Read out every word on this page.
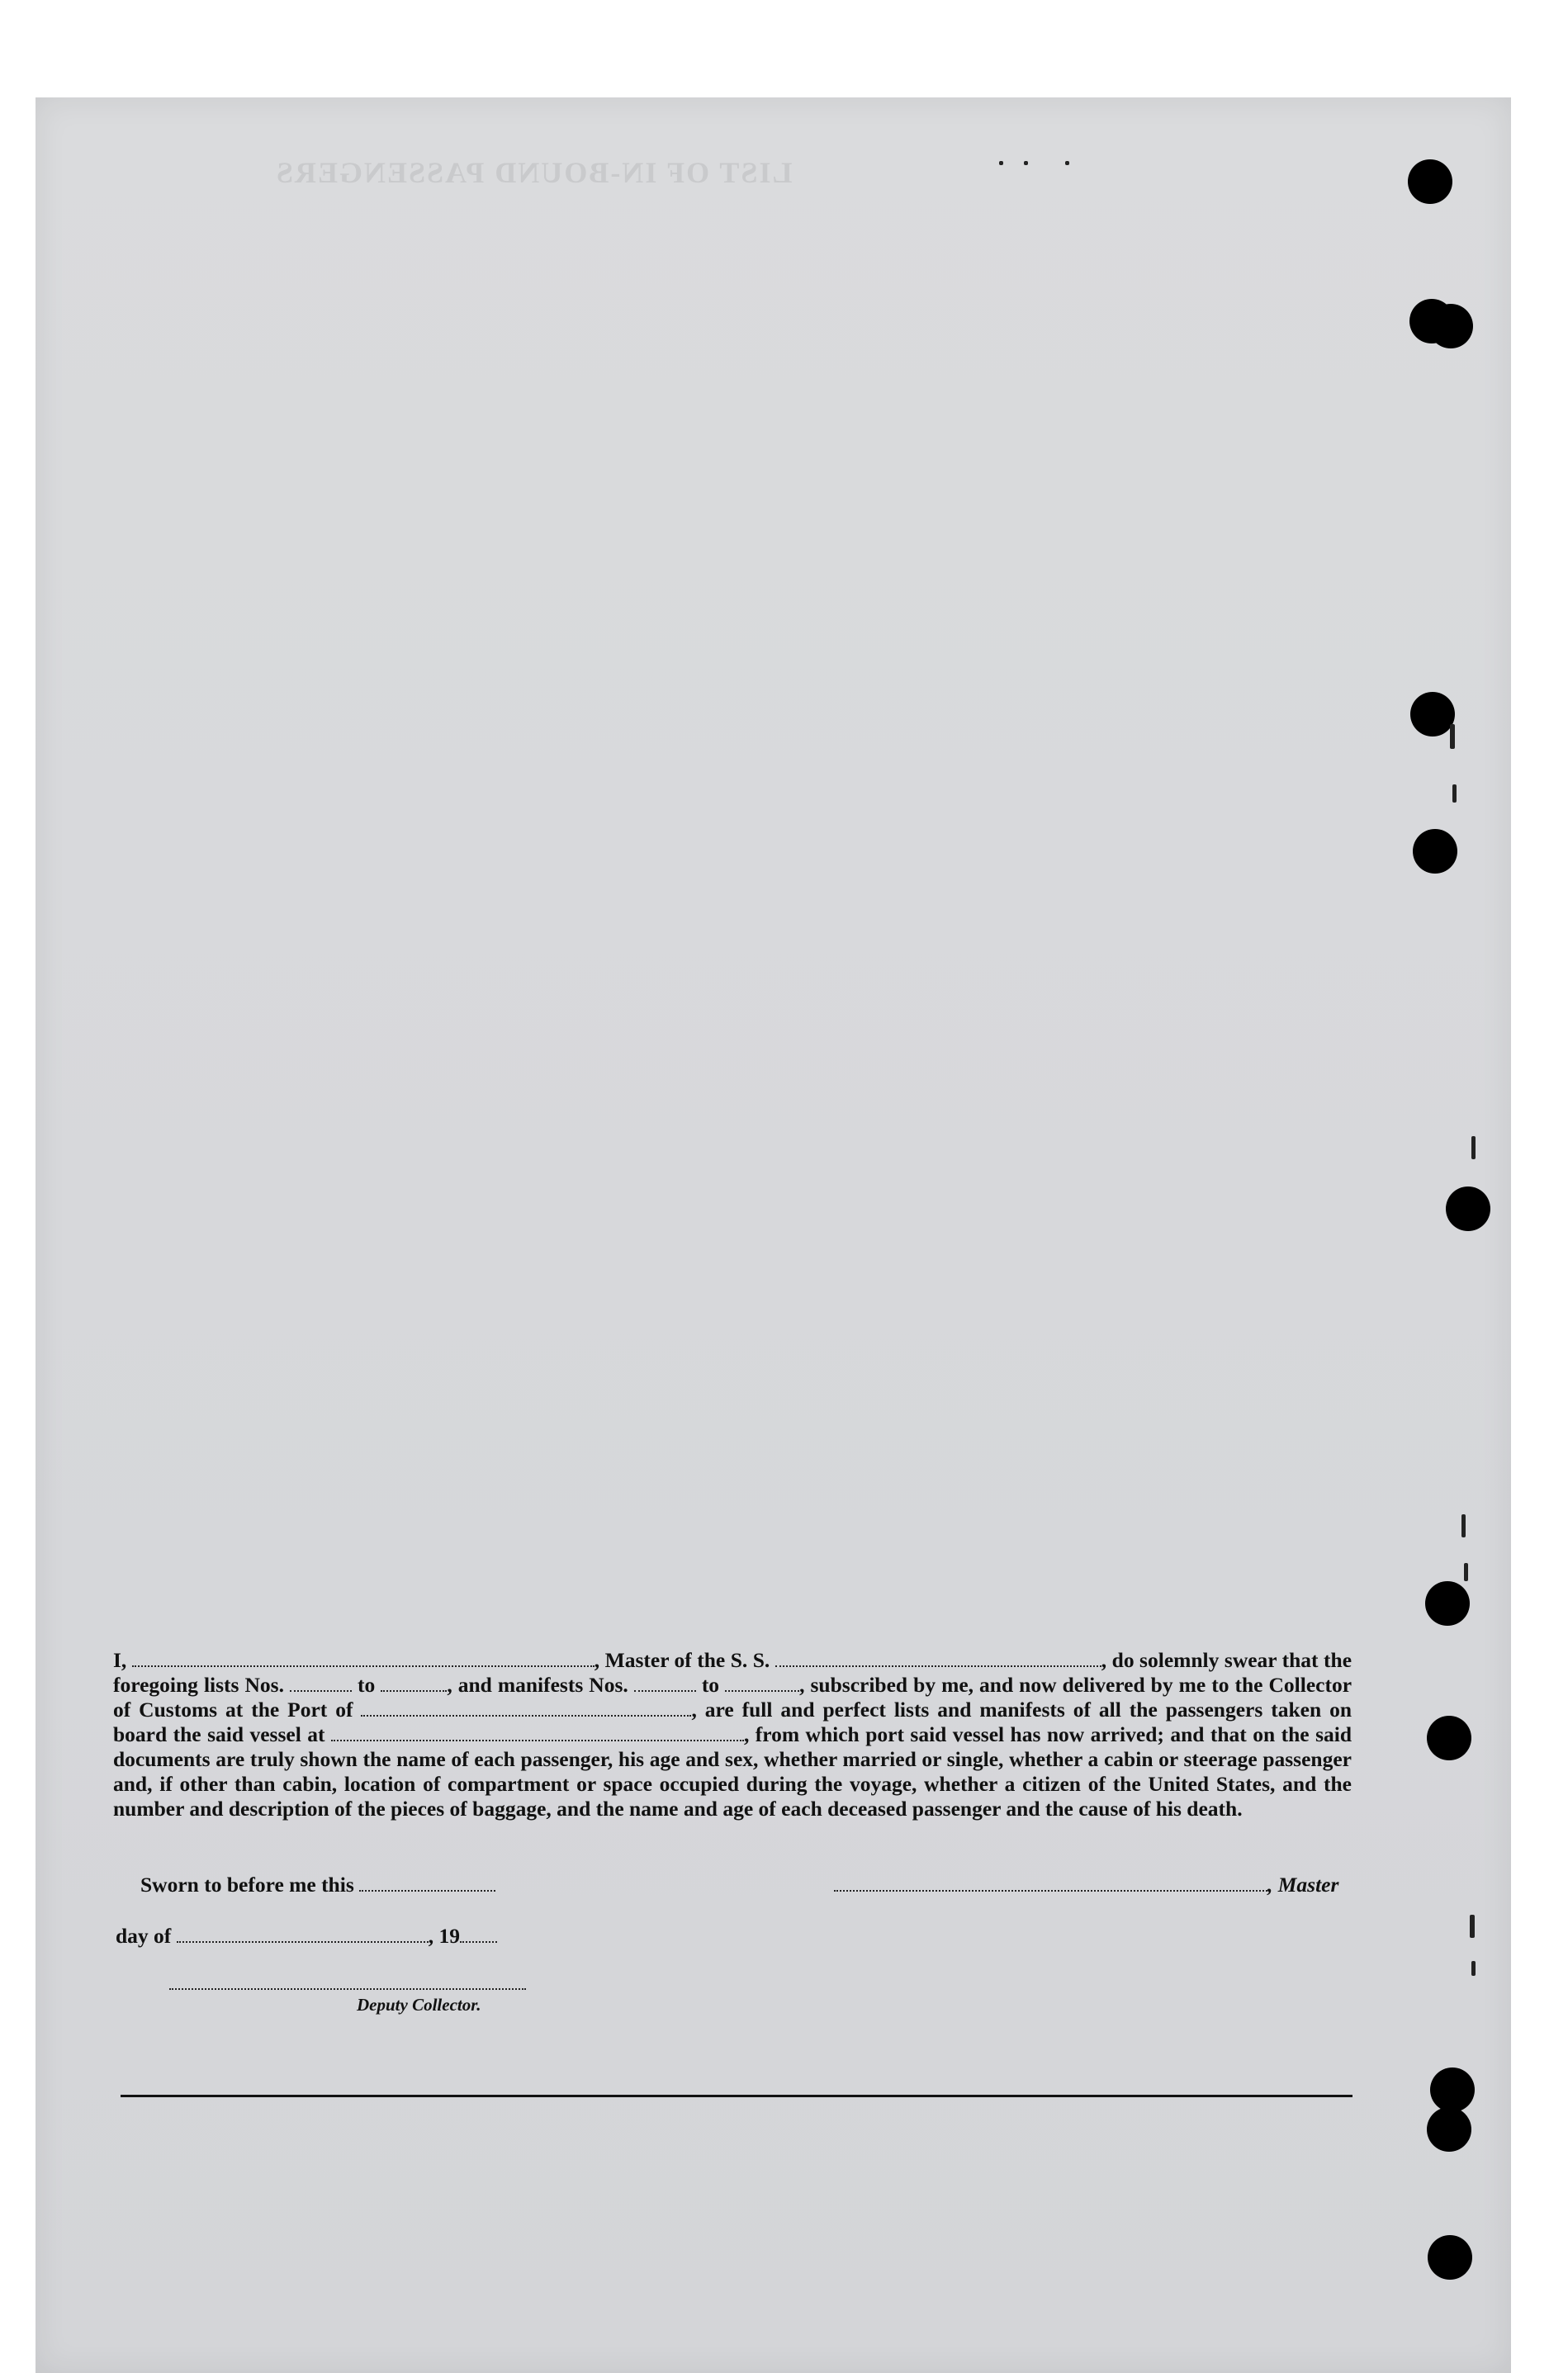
LIST OF IN-BOUND PASSENGERS

I,	, Master of the S. S.	, do solemnly swear that the foregoing lists Nos.	to	, and manifests Nos.	to	, subscribed by me, and now delivered by me to the Collector of Customs at the Port of	, are full and perfect lists and manifests of all the passengers taken on board the said vessel at	, from which port said vessel has now arrived; and that on the said documents are truly shown the name of each passenger, his age and sex, whether married or single, whether a cabin or steerage passenger and, if other than cabin, location of compartment or space occupied during the voyage, whether a citizen of the United States, and the number and description of the pieces of baggage, and the name and age of each deceased passenger and the cause of his death.

Sworn to before me this	, Master
day of	, 19
Deputy Collector.
